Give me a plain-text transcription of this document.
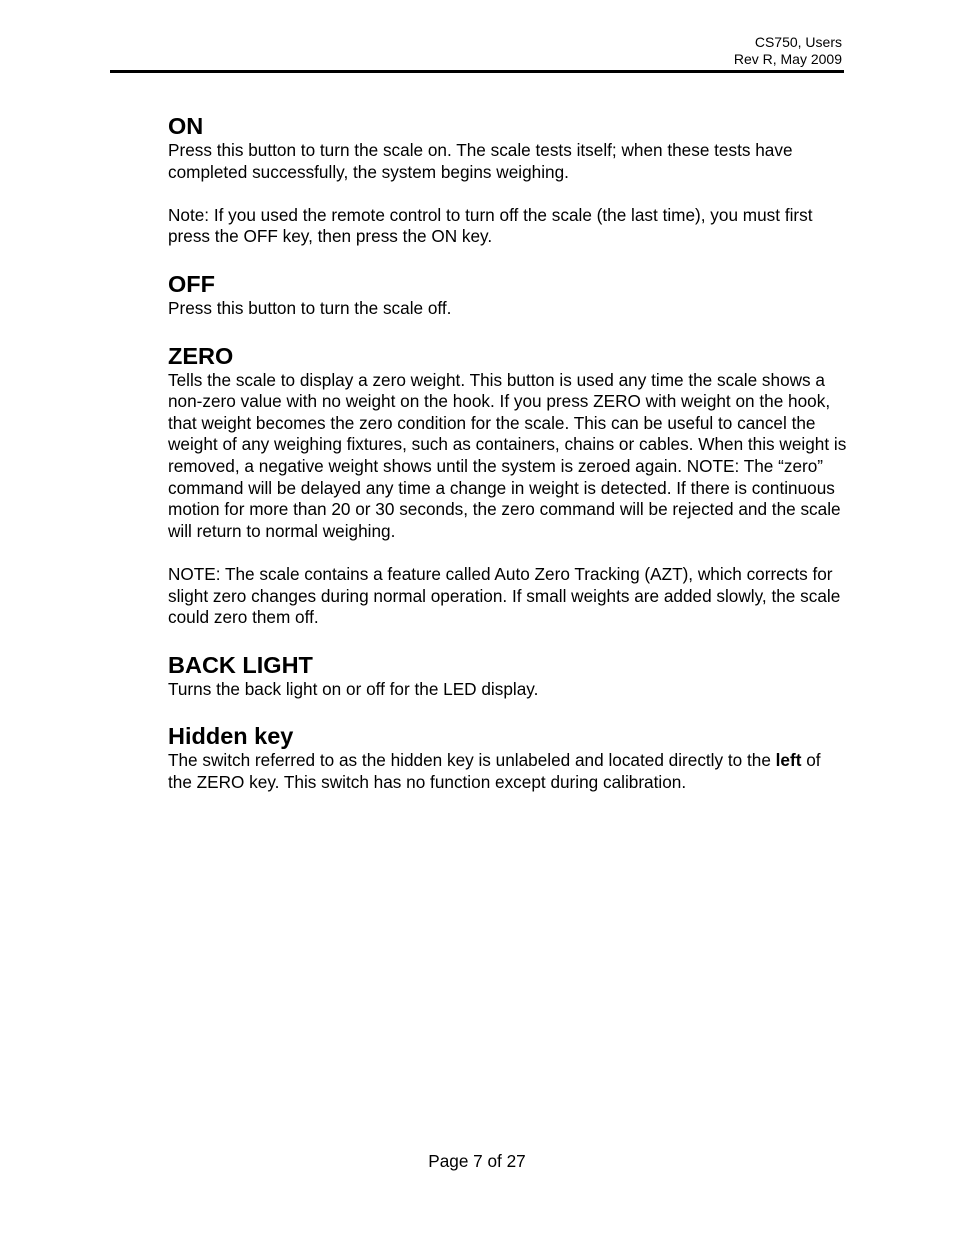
CS750, Users
Rev R, May 2009
ON

Press this button to turn the scale on. The scale tests itself; when these tests have completed successfully, the system begins weighing.

Note: If you used the remote control to turn off the scale (the last time), you must first press the OFF key, then press the ON key.

OFF

Press this button to turn the scale off.

ZERO

Tells the scale to display a zero weight. This button is used any time the scale shows a non-zero value with no weight on the hook. If you press ZERO with weight on the hook, that weight becomes the zero condition for the scale. This can be useful to cancel the weight of any weighing fixtures, such as containers, chains or cables. When this weight is removed, a negative weight shows until the system is zeroed again. NOTE: The “zero” command will be delayed any time a change in weight is detected. If there is continuous motion for more than 20 or 30 seconds, the zero command will be rejected and the scale will return to normal weighing.

NOTE: The scale contains a feature called Auto Zero Tracking (AZT), which corrects for slight zero changes during normal operation. If small weights are added slowly, the scale could zero them off.

BACK LIGHT

Turns the back light on or off for the LED display.

Hidden key

The switch referred to as the hidden key is unlabeled and located directly to the left of the ZERO key. This switch has no function except during calibration.

Page 7 of 27
